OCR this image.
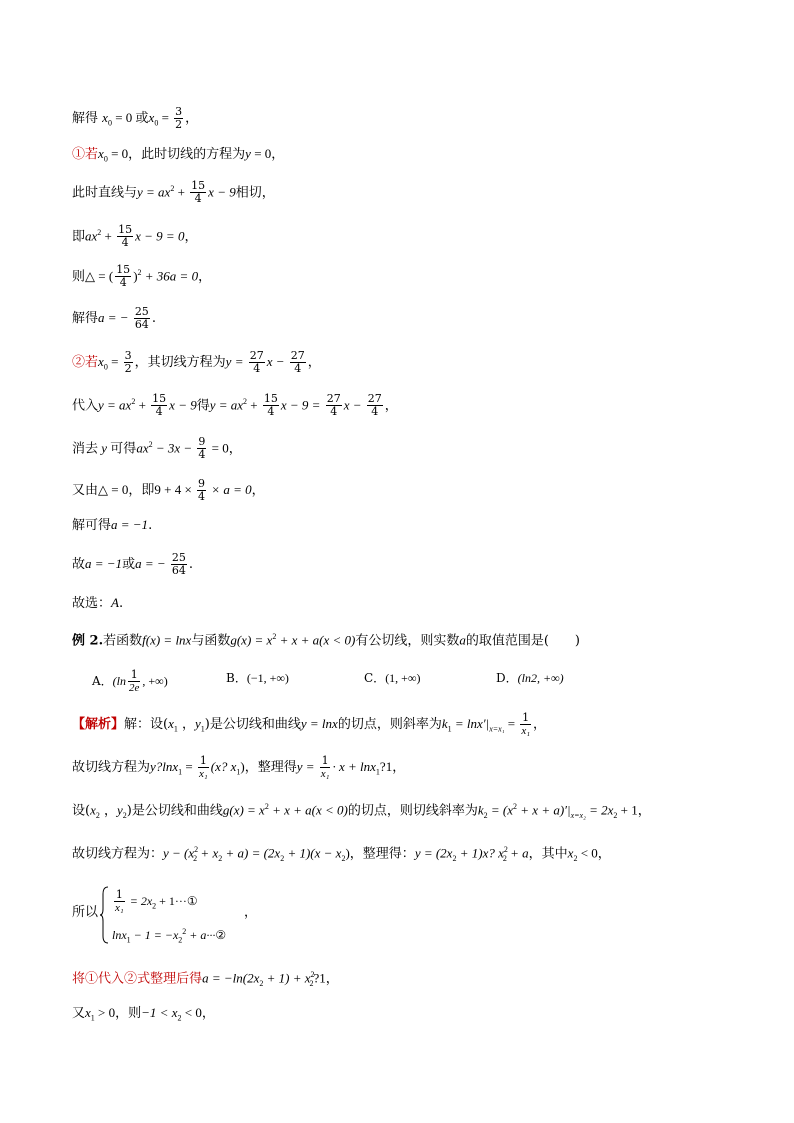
解得 $x_0 = 0$ 或$x_0 = \frac{3}{2}$ ，
①若$x_0 = 0$，此时切线的方程为y = 0，
此时直线与$y = ax^2 + \frac{15}{4}$ x − 9相切，
即$ax^2 + \frac{15}{4}$ x − 9 = 0，
则△ = ( $\frac{15}{4} )^2 + 36a = 0$，
解得a = − $\frac{25}{64}$ .
②若$x_0 = \frac{3}{2}$ ，其切线方程为$y = \frac{27}{4}$ $x - \frac{27}{4}$ ，
代入$y = ax^2 + \frac{15}{4}$ x − 9得$y = ax^2 + \frac{15}{4}$ $x - 9 = \frac{27}{4}$ $x - \frac{27}{4}$ ，
消去 y 可得$ax^2 - 3x - \frac{9}{4} = 0$，
又由△ = 0，即$9 + 4 \times \frac{9}{4} \times a = 0$，
解可得a = −1.
故a = −1或a = − $\frac{25}{64}$ .
故选：A.
例 2.若函数f(x) = lnx与函数$g(x) = x^2 + x + a(x < 0)$有公切线，则实数a的取值范围是(　　)
A．($\ln \frac{1}{2e}$ , +∞)	B．(−1, +∞)	C．(1, +∞)	D．(ln2, +∞)
【解析】解：设($x_1$ ，$y_1$)是公切线和曲线y = lnx的切点，则斜率为$k_1 = \ln x'|_{x=x_1} = \frac{1}{\text{x₁}}$ ，
故切线方程为y?lnx$_1$ = $\frac{1}{\text{x₁}} (x$? $x_1$)，整理得$y = \frac{1}{\text{x₁}} \cdot x$ + lnx$_1$?1，
设($x_2$ ，$y_2$)是公切线和曲线$g(x) = x^2 + x + a(x < 0)$的切点，则切线斜率为$k_2 = (x^2 + x + a)'|_{x=x_2} = 2x_2 + 1$，
故切线方程为：$y - (x^2_2 + x_2 + a) = (2x_2 + 1)(x - x_2)$，整理得：$y = (2x_2 + 1)x$? $x^2_2 + a$，其中$x_2 < 0$，
所以 $\frac{1}{\text{x₁}} = 2x_2$ + 1···①
$\ln x_1 - 1 = -x_2^2$ + a···②
，
将①代入②式整理后得$a = -\ln(2x_2 + 1)$ + $x^2_2?1$，
又$x_1 > 0$，则$-1 < x_2 < 0$，
